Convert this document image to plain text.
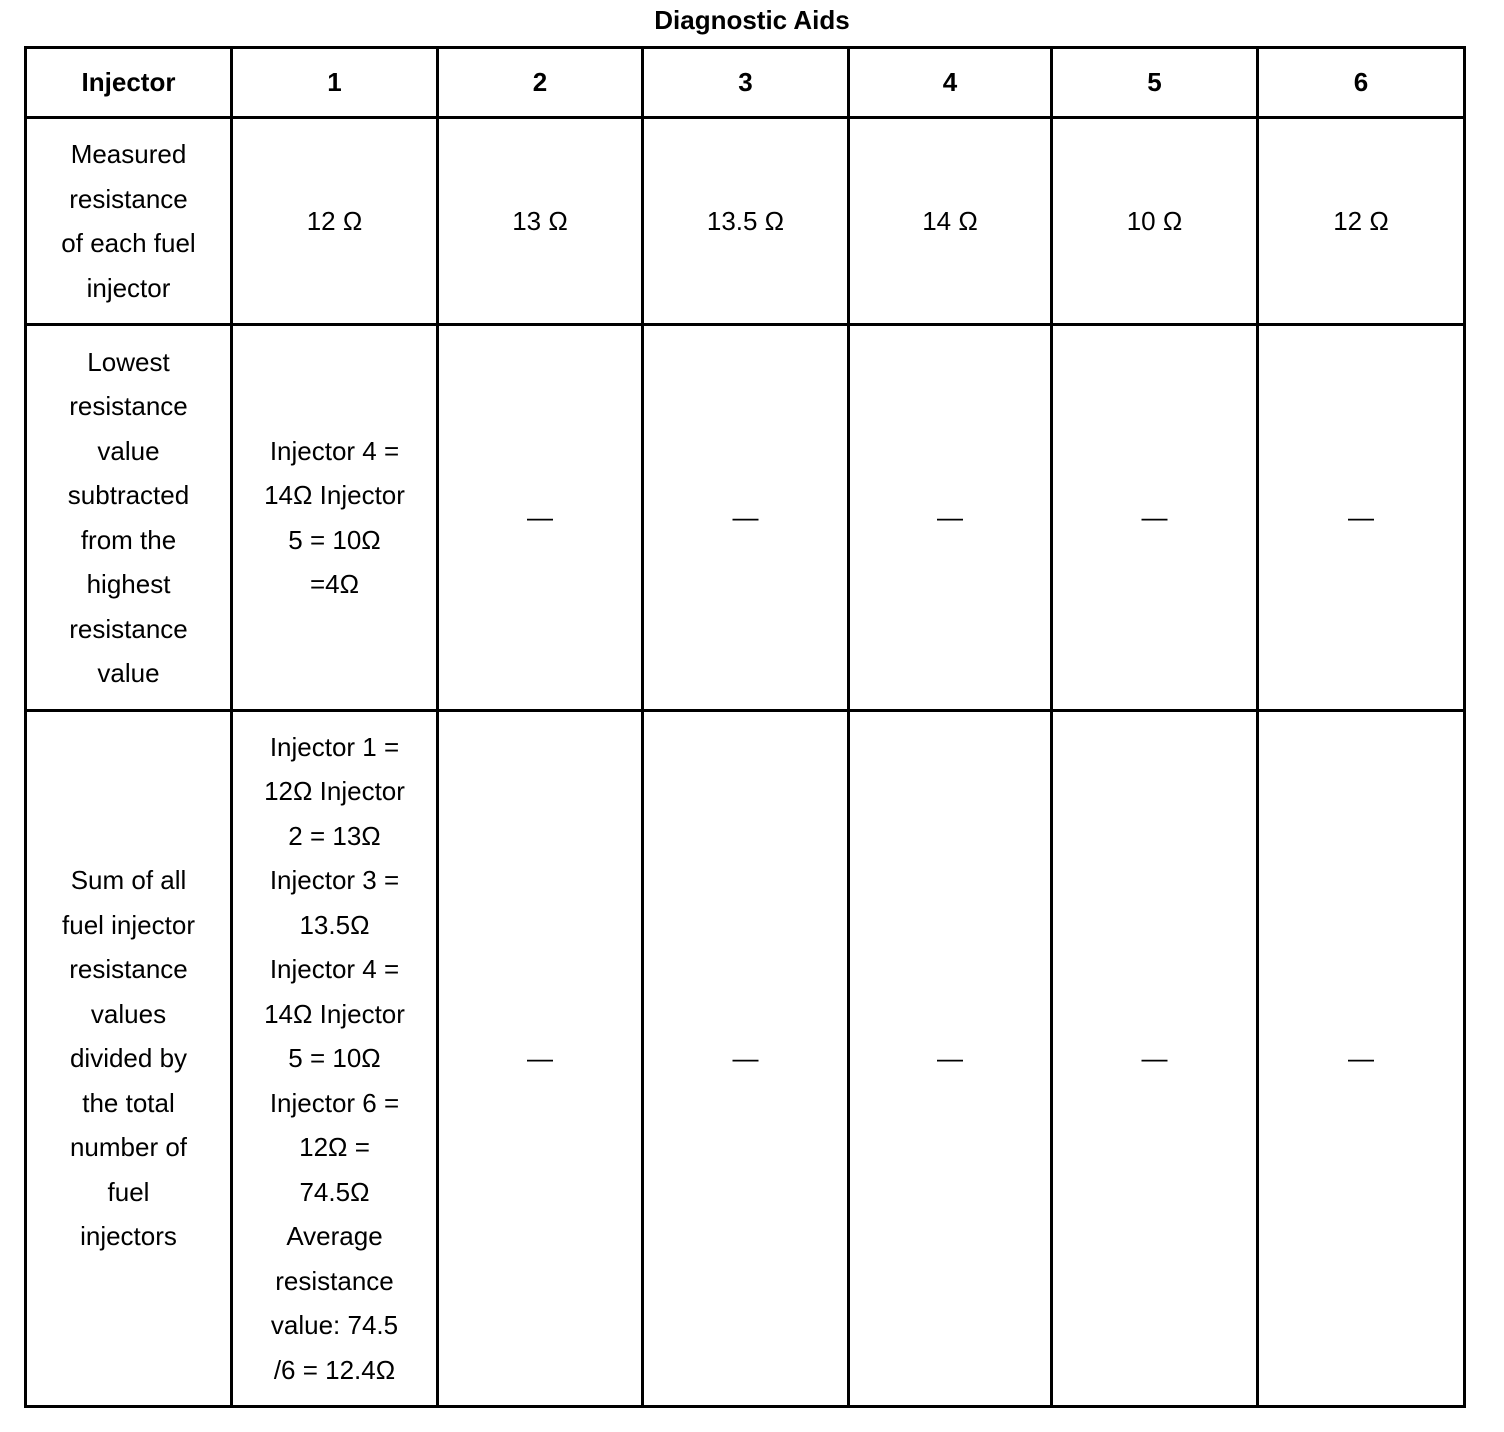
Diagnostic Aids
Injector	1	2	3	4	5	6
Measured resistance of each fuel injector	12 Ω	13 Ω	13.5 Ω	14 Ω	10 Ω	12 Ω
Lowest resistance value subtracted from the highest resistance value	Injector 4 = 14Ω Injector 5 = 10Ω =4Ω	—	—	—	—	—
Sum of all fuel injector resistance values divided by the total number of fuel injectors	Injector 1 = 12Ω Injector 2 = 13Ω Injector 3 = 13.5Ω Injector 4 = 14Ω Injector 5 = 10Ω Injector 6 = 12Ω = 74.5Ω Average resistance value: 74.5 /6 = 12.4Ω	—	—	—	—	—
